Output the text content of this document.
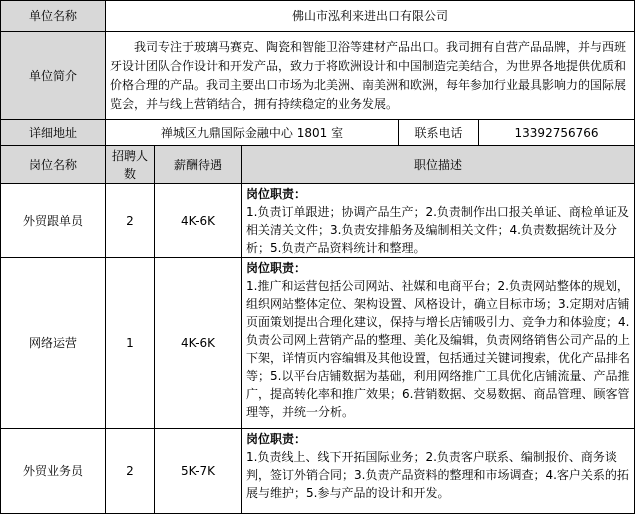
单位名称	佛山市泓利来进出口有限公司				
单位简介	我司专注于玻璃马赛克、陶瓷和智能卫浴等建材产品出口。我司拥有自营产品品牌，并与西班牙设计团队合作设计和开发产品，致力于将欧洲设计和中国制造完美结合，为世界各地提供优质和价格合理的产品。我司主要出口市场为北美洲、南美洲和欧洲，每年参加行业最具影响力的国际展览会，并与线上营销结合，拥有持续稳定的业务发展。				
详细地址	禅城区九鼎国际金融中心 1801 室			联系电话	13392756766
岗位名称	招聘人数	薪酬待遇	职位描述		
外贸跟单员	2	4K-6K	岗位职责：
1.负责订单跟进；协调产品生产；2.负责制作出口报关单证、商检单证及相关清关文件；3.负责安排船务及编制相关文件；4.负责数据统计及分析；5.负责产品资料统计和整理。		
网络运营	1	4K-6K	岗位职责：
1.推广和运营包括公司网站、社媒和电商平台；2.负责网站整体的规划，组织网站整体定位、架构设置、风格设计，确立目标市场；3.定期对店铺页面策划提出合理化建议，保持与增长店铺吸引力、竞争力和体验度；4.负责公司网上营销产品的整理、美化及编辑，负责网络销售公司产品的上下架，详情页内容编辑及其他设置，包括通过关键词搜索，优化产品排名等；5.以平台店铺数据为基础，利用网络推广工具优化店铺流量、产品推广，提高转化率和推广效果；6.营销数据、交易数据、商品管理、顾客管理等，并统一分析。		
外贸业务员	2	5K-7K	岗位职责：
1.负责线上、线下开拓国际业务；2.负责客户联系、编制报价、商务谈判，签订外销合同；3.负责产品资料的整理和市场调查；4.客户关系的拓展与维护；5.参与产品的设计和开发。		
